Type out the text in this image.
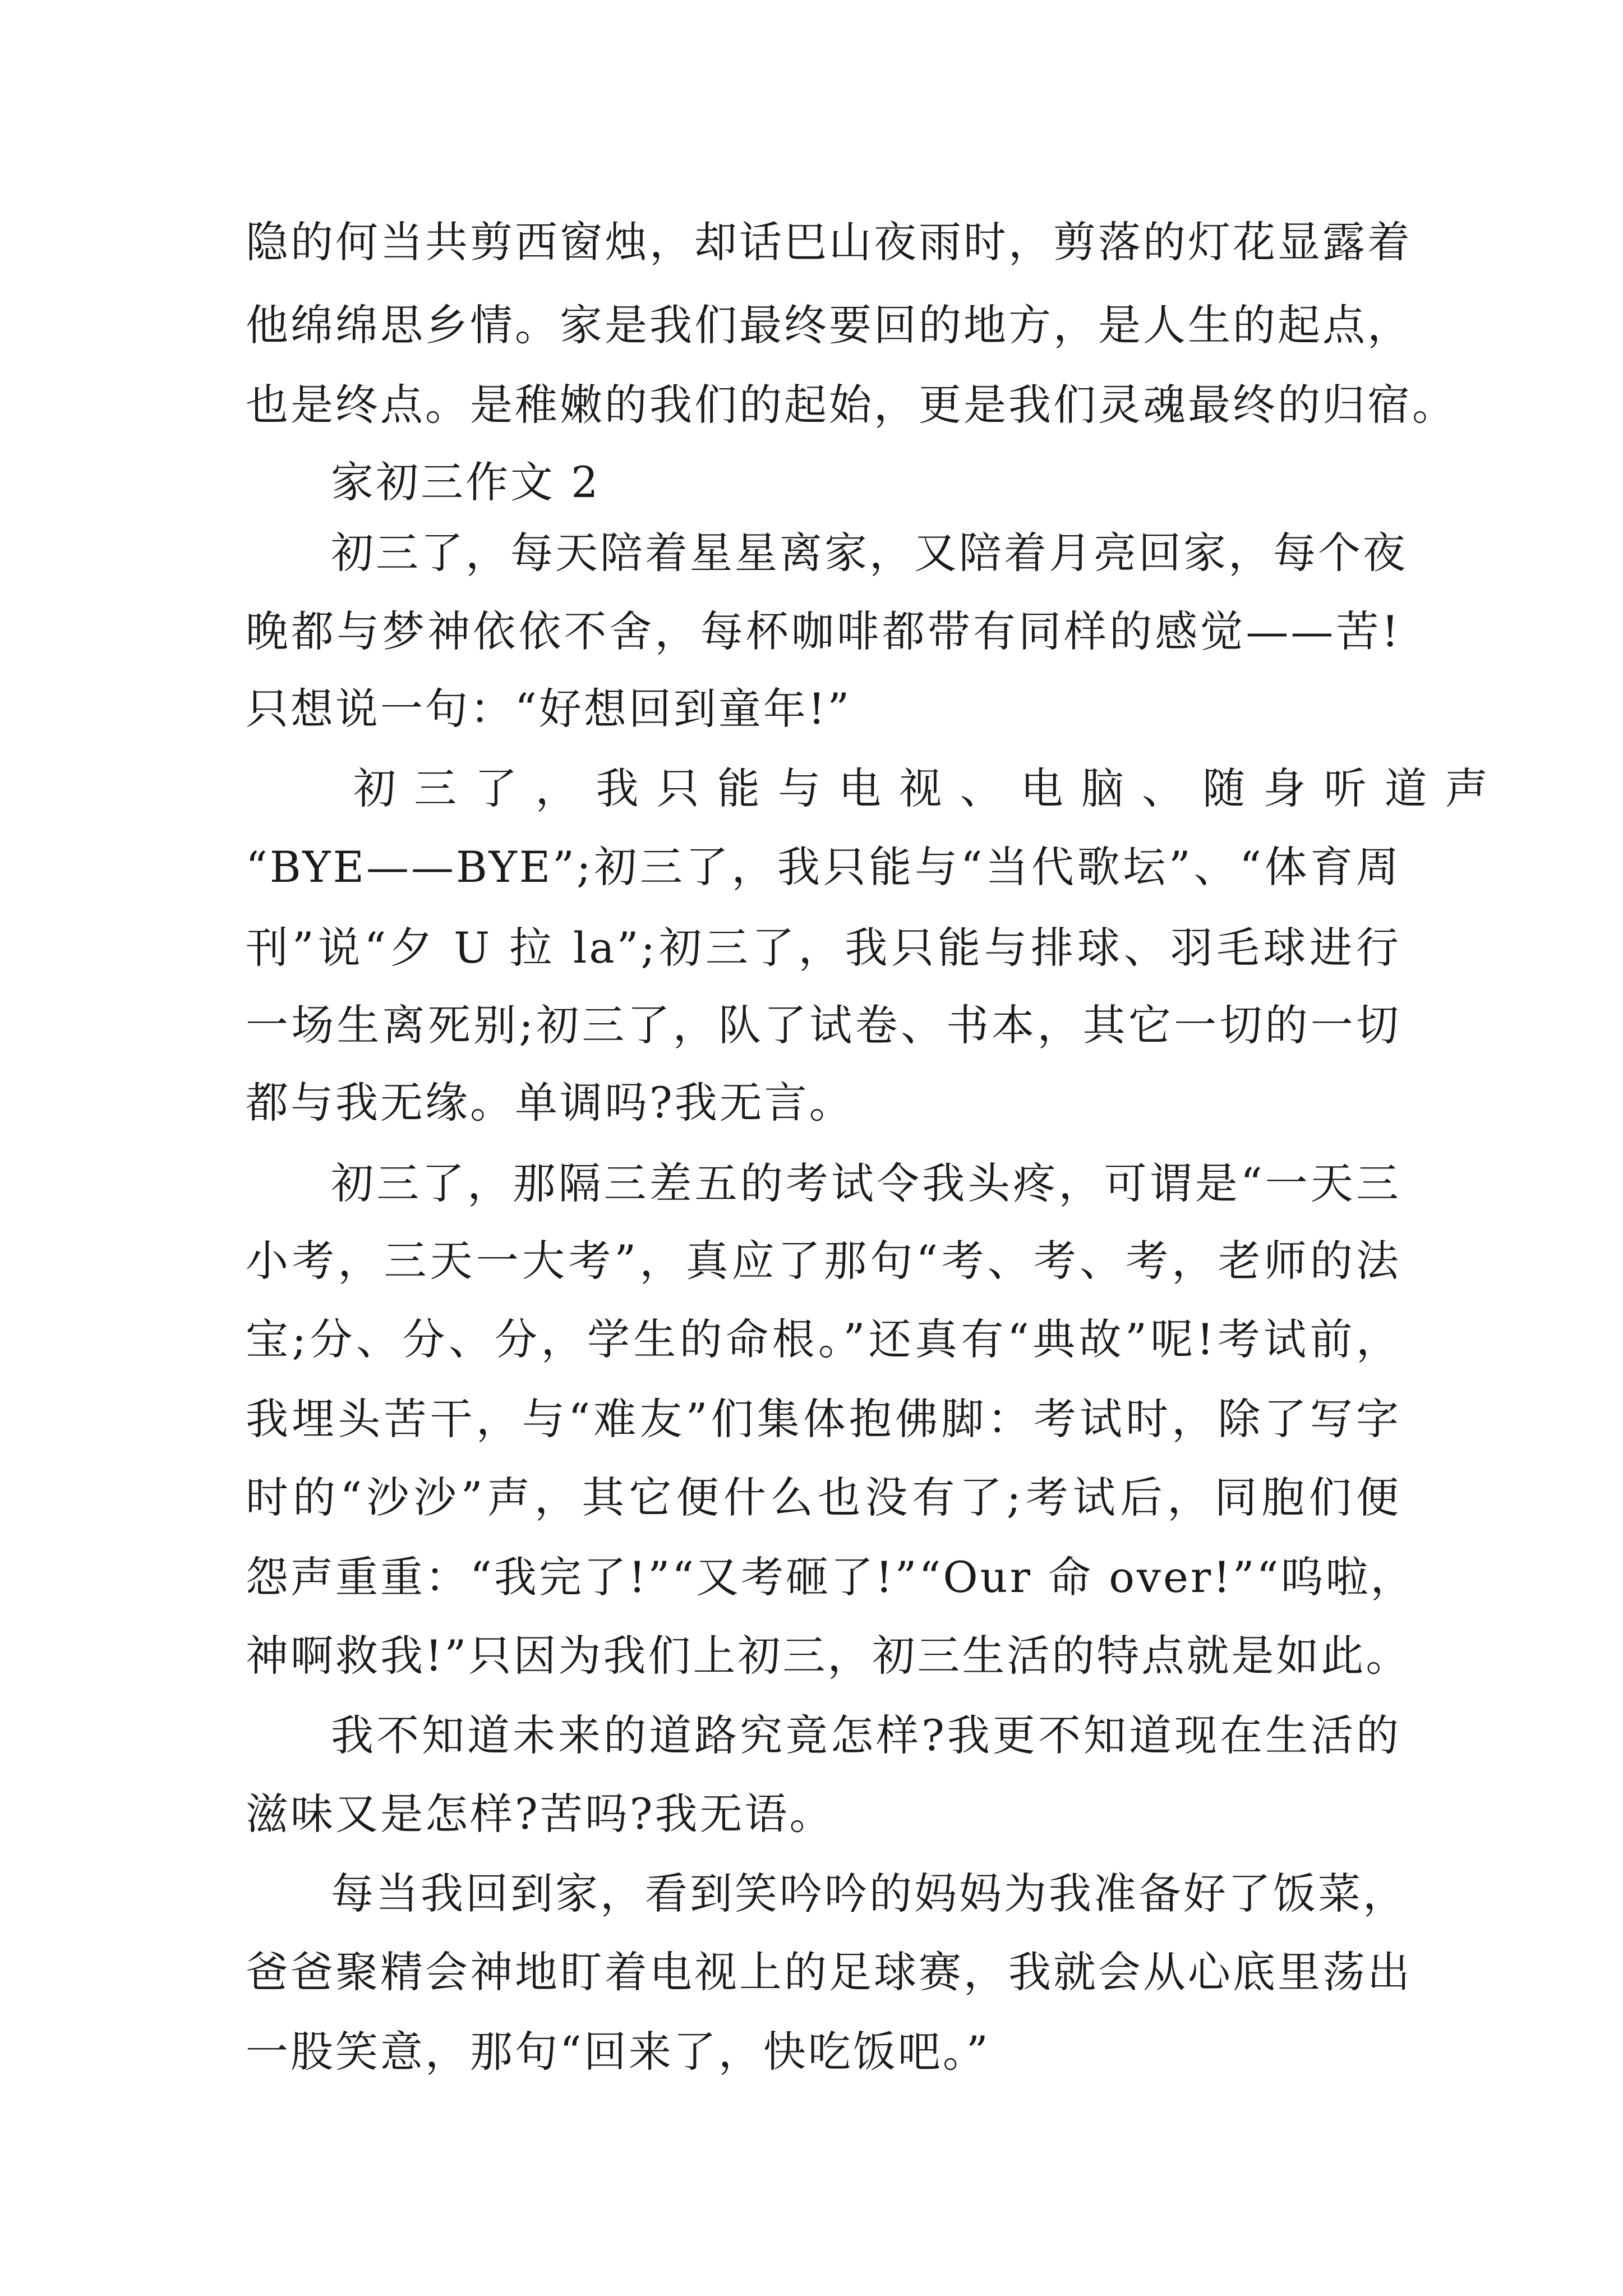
隐的何当共剪西窗烛，却话巴山夜雨时，剪落的灯花显露着
他绵绵思乡情。家是我们最终要回的地方，是人生的起点，
也是终点。是稚嫩的我们的起始，更是我们灵魂最终的归宿。
家初三作文 2
初三了，每天陪着星星离家，又陪着月亮回家，每个夜
晚都与梦神依依不舍，每杯咖啡都带有同样的感觉——苦!
只想说一句：“好想回到童年!”
初 三 了 ， 我 只 能 与 电 视 、 电 脑 、 随 身 听 道 声
“BYE——BYE”;初三了，我只能与“当代歌坛”、“体育周
刊”说“夕 U 拉 la”;初三了，我只能与排球、羽毛球进行
一场生离死别;初三了，队了试卷、书本，其它一切的一切
都与我无缘。单调吗?我无言。
初三了，那隔三差五的考试令我头疼，可谓是“一天三
小考，三天一大考”，真应了那句“考、考、考，老师的法
宝;分、分、分，学生的命根。”还真有“典故”呢!考试前，
我埋头苦干，与“难友”们集体抱佛脚：考试时，除了写字
时的“沙沙”声，其它便什么也没有了;考试后，同胞们便
怨声重重：“我完了!”“又考砸了!”“Our 命 over!”“呜啦，
神啊救我!”只因为我们上初三，初三生活的特点就是如此。
我不知道未来的道路究竟怎样?我更不知道现在生活的
滋味又是怎样?苦吗?我无语。
每当我回到家，看到笑吟吟的妈妈为我准备好了饭菜，
爸爸聚精会神地盯着电视上的足球赛，我就会从心底里荡出
一股笑意，那句“回来了，快吃饭吧。”
